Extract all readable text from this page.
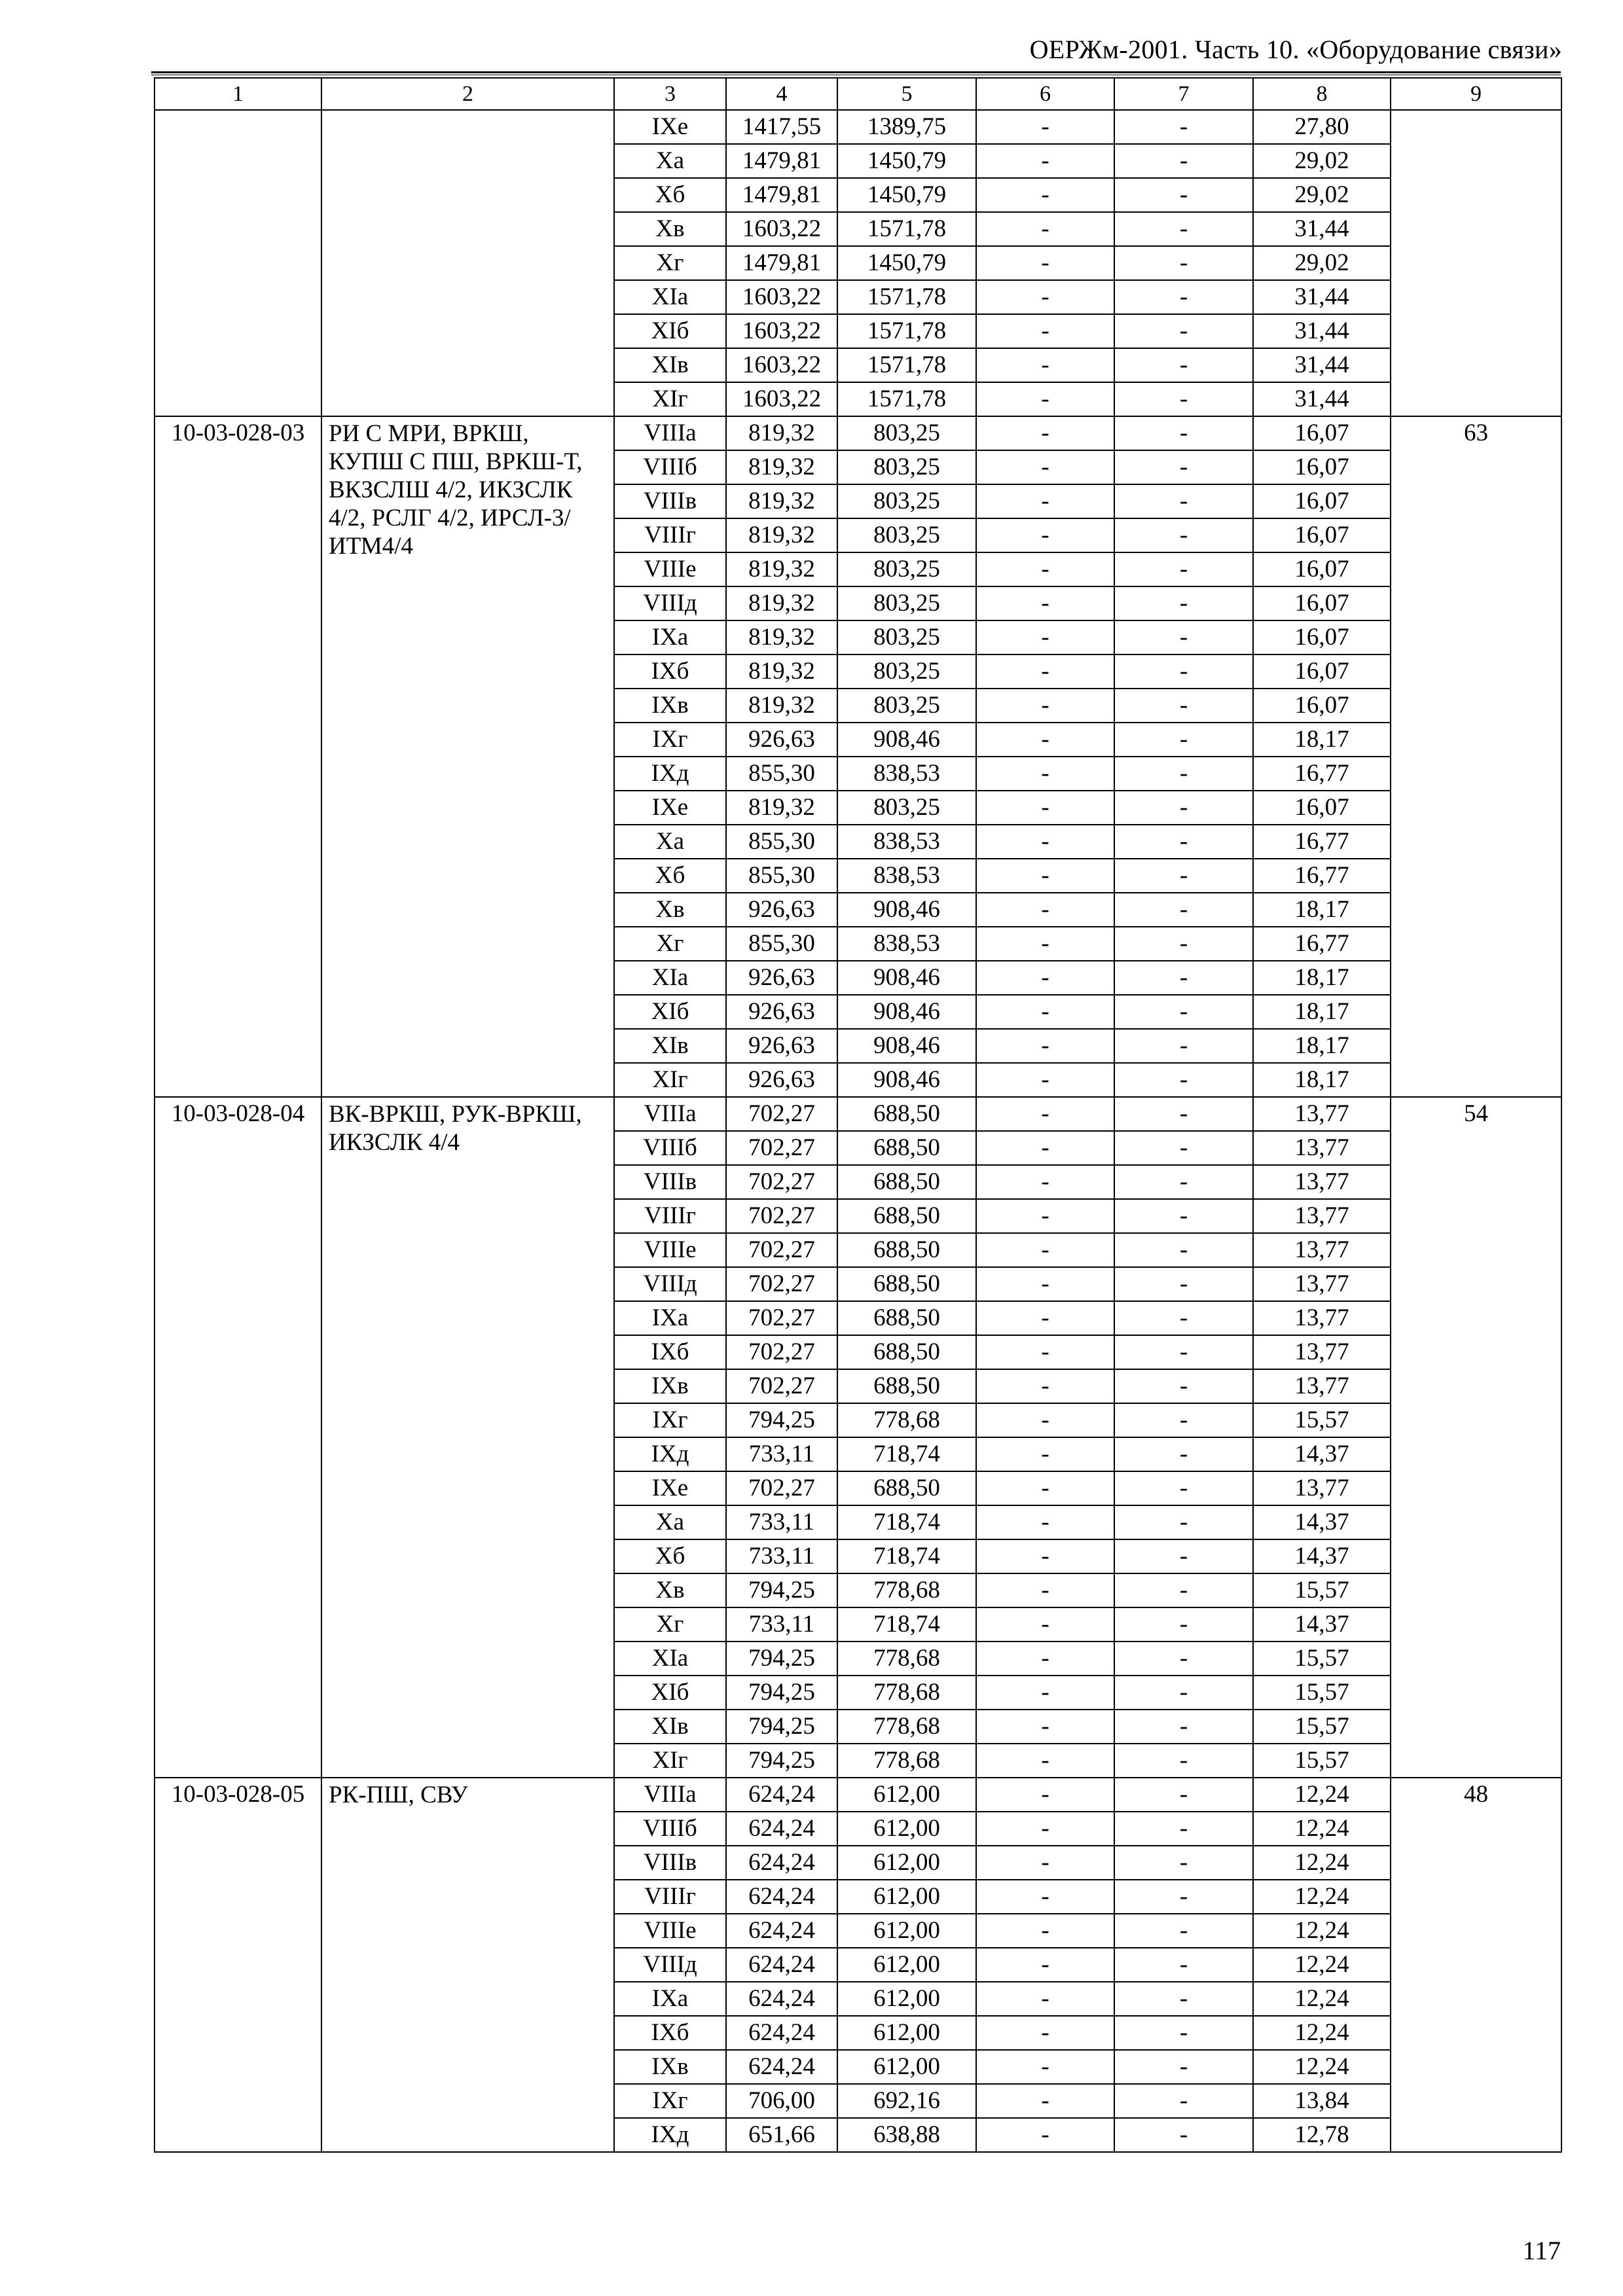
ОЕРЖм-2001. Часть 10. «Оборудование связи»
1	2	3	4	5	6	7	8	9
		IXе	1417,55	1389,75	-	-	27,80	
		Xа	1479,81	1450,79	-	-	29,02	
		Xб	1479,81	1450,79	-	-	29,02	
		Xв	1603,22	1571,78	-	-	31,44	
		Xг	1479,81	1450,79	-	-	29,02	
		XIа	1603,22	1571,78	-	-	31,44	
		XIб	1603,22	1571,78	-	-	31,44	
		XIв	1603,22	1571,78	-	-	31,44	
		XIг	1603,22	1571,78	-	-	31,44	
10-03-028-03	РИ С МРИ, ВРКШ, КУПШ С ПШ, ВРКШ-Т, ВКЗСЛШ 4/2, ИКЗСЛК 4/2, РСЛГ 4/2, ИРСЛ-3/ИТМ4/4	VIIIа	819,32	803,25	-	-	16,07	63
		VIIIб	819,32	803,25	-	-	16,07	
		VIIIв	819,32	803,25	-	-	16,07	
		VIIIг	819,32	803,25	-	-	16,07	
		VIIIе	819,32	803,25	-	-	16,07	
		VIIIд	819,32	803,25	-	-	16,07	
		IXа	819,32	803,25	-	-	16,07	
		IXб	819,32	803,25	-	-	16,07	
		IXв	819,32	803,25	-	-	16,07	
		IXг	926,63	908,46	-	-	18,17	
		IXд	855,30	838,53	-	-	16,77	
		IXе	819,32	803,25	-	-	16,07	
		Xа	855,30	838,53	-	-	16,77	
		Xб	855,30	838,53	-	-	16,77	
		Xв	926,63	908,46	-	-	18,17	
		Xг	855,30	838,53	-	-	16,77	
		XIа	926,63	908,46	-	-	18,17	
		XIб	926,63	908,46	-	-	18,17	
		XIв	926,63	908,46	-	-	18,17	
		XIг	926,63	908,46	-	-	18,17	
10-03-028-04	ВК-ВРКШ, РУК-ВРКШ, ИКЗСЛК 4/4	VIIIа	702,27	688,50	-	-	13,77	54
		VIIIб	702,27	688,50	-	-	13,77	
		VIIIв	702,27	688,50	-	-	13,77	
		VIIIг	702,27	688,50	-	-	13,77	
		VIIIе	702,27	688,50	-	-	13,77	
		VIIIд	702,27	688,50	-	-	13,77	
		IXа	702,27	688,50	-	-	13,77	
		IXб	702,27	688,50	-	-	13,77	
		IXв	702,27	688,50	-	-	13,77	
		IXг	794,25	778,68	-	-	15,57	
		IXд	733,11	718,74	-	-	14,37	
		IXе	702,27	688,50	-	-	13,77	
		Xа	733,11	718,74	-	-	14,37	
		Xб	733,11	718,74	-	-	14,37	
		Xв	794,25	778,68	-	-	15,57	
		Xг	733,11	718,74	-	-	14,37	
		XIа	794,25	778,68	-	-	15,57	
		XIб	794,25	778,68	-	-	15,57	
		XIв	794,25	778,68	-	-	15,57	
		XIг	794,25	778,68	-	-	15,57	
10-03-028-05	РК-ПШ, СВУ	VIIIа	624,24	612,00	-	-	12,24	48
		VIIIб	624,24	612,00	-	-	12,24	
		VIIIв	624,24	612,00	-	-	12,24	
		VIIIг	624,24	612,00	-	-	12,24	
		VIIIе	624,24	612,00	-	-	12,24	
		VIIIд	624,24	612,00	-	-	12,24	
		IXа	624,24	612,00	-	-	12,24	
		IXб	624,24	612,00	-	-	12,24	
		IXв	624,24	612,00	-	-	12,24	
		IXг	706,00	692,16	-	-	13,84	
		IXд	651,66	638,88	-	-	12,78	
117
